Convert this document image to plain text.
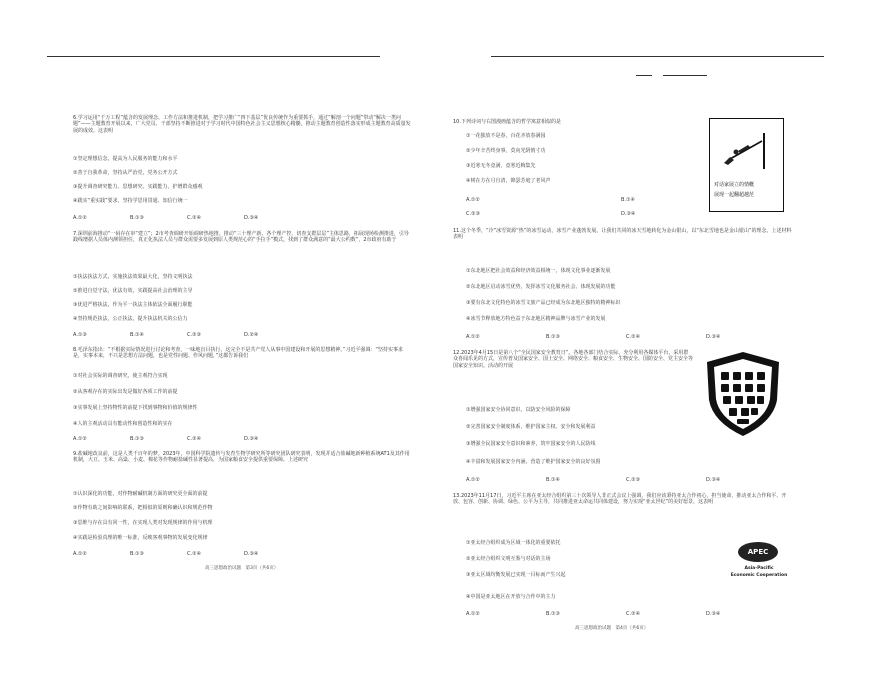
6.学习运用“千万工程”蕴含的发展理念、工作方法和推进机制，把学习推广“四下基层”优良传统作为重要抓手，通过“解剖一个问题”带动“解决一类问题”——主题教育开展以来，广大党员、干部坚持不断推进对于学习时代中国特色社会主义思想核心精髓，推动主题教育创造性落实形成主题教育高质量发展的成效。这表明
①坚定理想信念，提高为人民服务的能力和水平
②善于自我革命，坚持从严治党，党务公开方式
③提升调查研究能力、思想研究、实践能力，护增群众感观
④践实“重实践”要求，坚持学思用贯通、知信行统一
A.①②	B.①③	C.②④	D.③④
7.深圳前海推动“一码存在审“建立”；2市考查调研开始调研热地推。推动“三十理产新、各个理产控、切查支群层层”主体思路，拓展现场检测推进，引导践线增据人员体内测领担任，真正化执法人员与群众需要多发展到原人类规范心的“手拉手”模式，找到了群众满意的“最大公约数”，2市政府有助于
①执法执法方式，实施执法效果最大化，坚持文明执法
②推进自觉守法，优法有效，实践提高社会治理的主导
③优进严格执法，作为平一执法主体依法全面履行职能
④坚持规范执法，公正执法，提升执法机关的公信力
A.①③	B.①④	C.②③	D.②④
8.毛泽东指出：“不根据实际情况进行讨论和考查，一味地盲目执行，这完全不是共产党人从事中国建设和开展的思想精神。”习近平强调：“坚持实事求是，实事本来，不只是思想方法问题，也是党性问题、作风问题，”这都告诉我们
①对社会实际的调查研究，使主观符合实现
②从客观存在的实际出发是做好各项工作的前提
③实事发展上坚持物性的前提下找到事物和价值的规律性
④人的主观活动具有能动性和创造性和的实在
A.①②	B.①③	C.②④	D.③④
9.盐碱地改良前，这是人类千百年的梦。2023年，中国科学院遗传与发育生物学研究所等研究团队研究表明，发现并适合盐碱地新种植系统AT1及其作用机制，大豆、玉米、高粱、小麦、棉花等作物耐盐碱性显著提高，为国家粮食安全提供重要保障。上述研究
①认识深化的功能，对作物耐碱机制方面的研究更全面的前提
②作物有助之间影响的联系，把相似的原则和确认识和规范作物
③思维与存在具有同一性，在实现人类对发现规律的作用与机理
④实践是检验真理的唯一标准，反映客观事物的发展变化规律
A.①②	B.①③	C.②④	D.③④
高三思想政治试题　第3页（共6页）
10.下列诗词与右图漫画蕴含的哲学寓意相似的是
①一花独放不是春，百花齐放春满园
②少年辛苦终身事，莫向光阴惰寸功
③近寒无冬竟满，竟寒近梅集先
④树在方在月自清，锦瑟芳庭了老风声
A.①②	B.①④
C.②③	D.③④
对话家展立的情概
展现一起翻超越范
11.这个冬季，“冷”冰雪资源“热”的冰雪运动，冰雪产业蓬勃发展。让我们共同的冰天雪地转化为金山银山，以“东北雪地也是金山银山”的理念，上述材料表明
①东北地区把社会效益和经济效益相统一，体现文化事业逐渐发展
②东北地区启动冰雪优势，发挥冰雪文化服务社会、体现发展的功能
③要有东北文化特色的冰雪文旅产品已经成为东北地区独特的精神标识
④冰雪节释放地方特色益于东北地区精神品牌与冰雪产业的发展
A.①②	B.①③	C.②④	D.③④
12.2023年4月15日是第八个“全民国家安全教育日”。各地各部门结合实际，充分利用各媒体平台，采用群众喜闻乐见的方式，宣传普及国家安全、国土安全、网络安全、粮食安全、生物安全、国防安全、党主安全等国家安全知识。活动的开展
①增强国家安全协同意识，以防安全风险的保障
②完善国家安全制度体系，维护国家主权、安全和发展利益
③增强全民国家安全意识和素养，筑牢国家安全的人民防线
④丰富和发展国家安全内涵，营造了维护国家安全的良好氛围
A.①②	B.①④	C.②③	D.③④
13.2023年11月17日，习近平主席在亚太经合组织第三十次领导人非正式会议上强调，我们应该秉持亚太合作初心，担当使命，推动亚太合作和平、开放、包容、创新、协调、绿色、公平为主导，共同推进亚太命运共同体建设，努力实现“亚太世纪”的美好愿景，这表明
①亚太经合组织成为区域一体化的重要依托
②亚太经合组织文明互鉴与对话的主场
③亚太区域均衡发展已实现一目标而产生兴起
④中国是亚太地区在开放与合作中的主力
A.①②	B.①③	C.②④	D.③④
APEC
Asia-Pacific
Economic Cooperation
高三思想政治试题　第4页（共6页）
